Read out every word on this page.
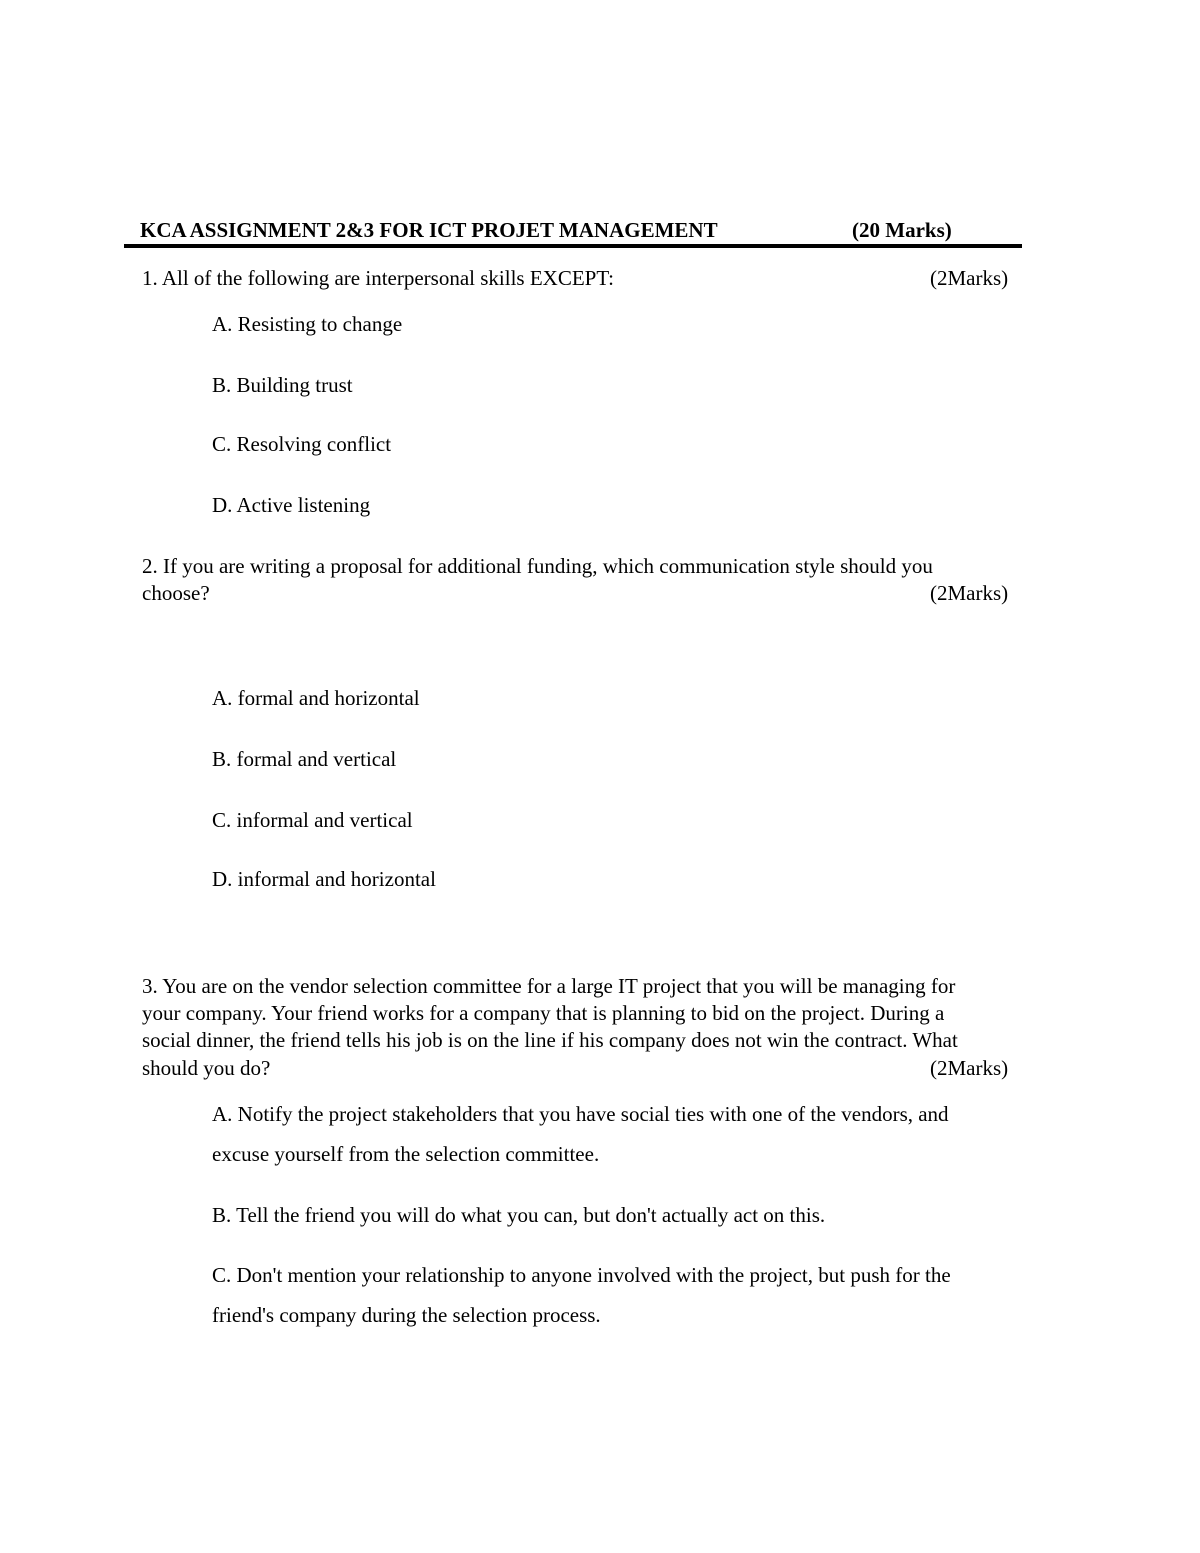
KCA ASSIGNMENT 2&3 FOR ICT PROJET MANAGEMENT	(20 Marks)
1. All of the following are interpersonal skills EXCEPT:	(2Marks)
A. Resisting to change
B. Building trust
C. Resolving conflict
D. Active listening
2. If you are writing a proposal for additional funding, which communication style should you
choose?	(2Marks)
A. formal and horizontal
B. formal and vertical
C. informal and vertical
D. informal and horizontal
3. You are on the vendor selection committee for a large IT project that you will be managing for
your company. Your friend works for a company that is planning to bid on the project. During a
social dinner, the friend tells his job is on the line if his company does not win the contract. What
should you do?	(2Marks)
A. Notify the project stakeholders that you have social ties with one of the vendors, and
excuse yourself from the selection committee.
B. Tell the friend you will do what you can, but don't actually act on this.
C. Don't mention your relationship to anyone involved with the project, but push for the
friend's company during the selection process.
